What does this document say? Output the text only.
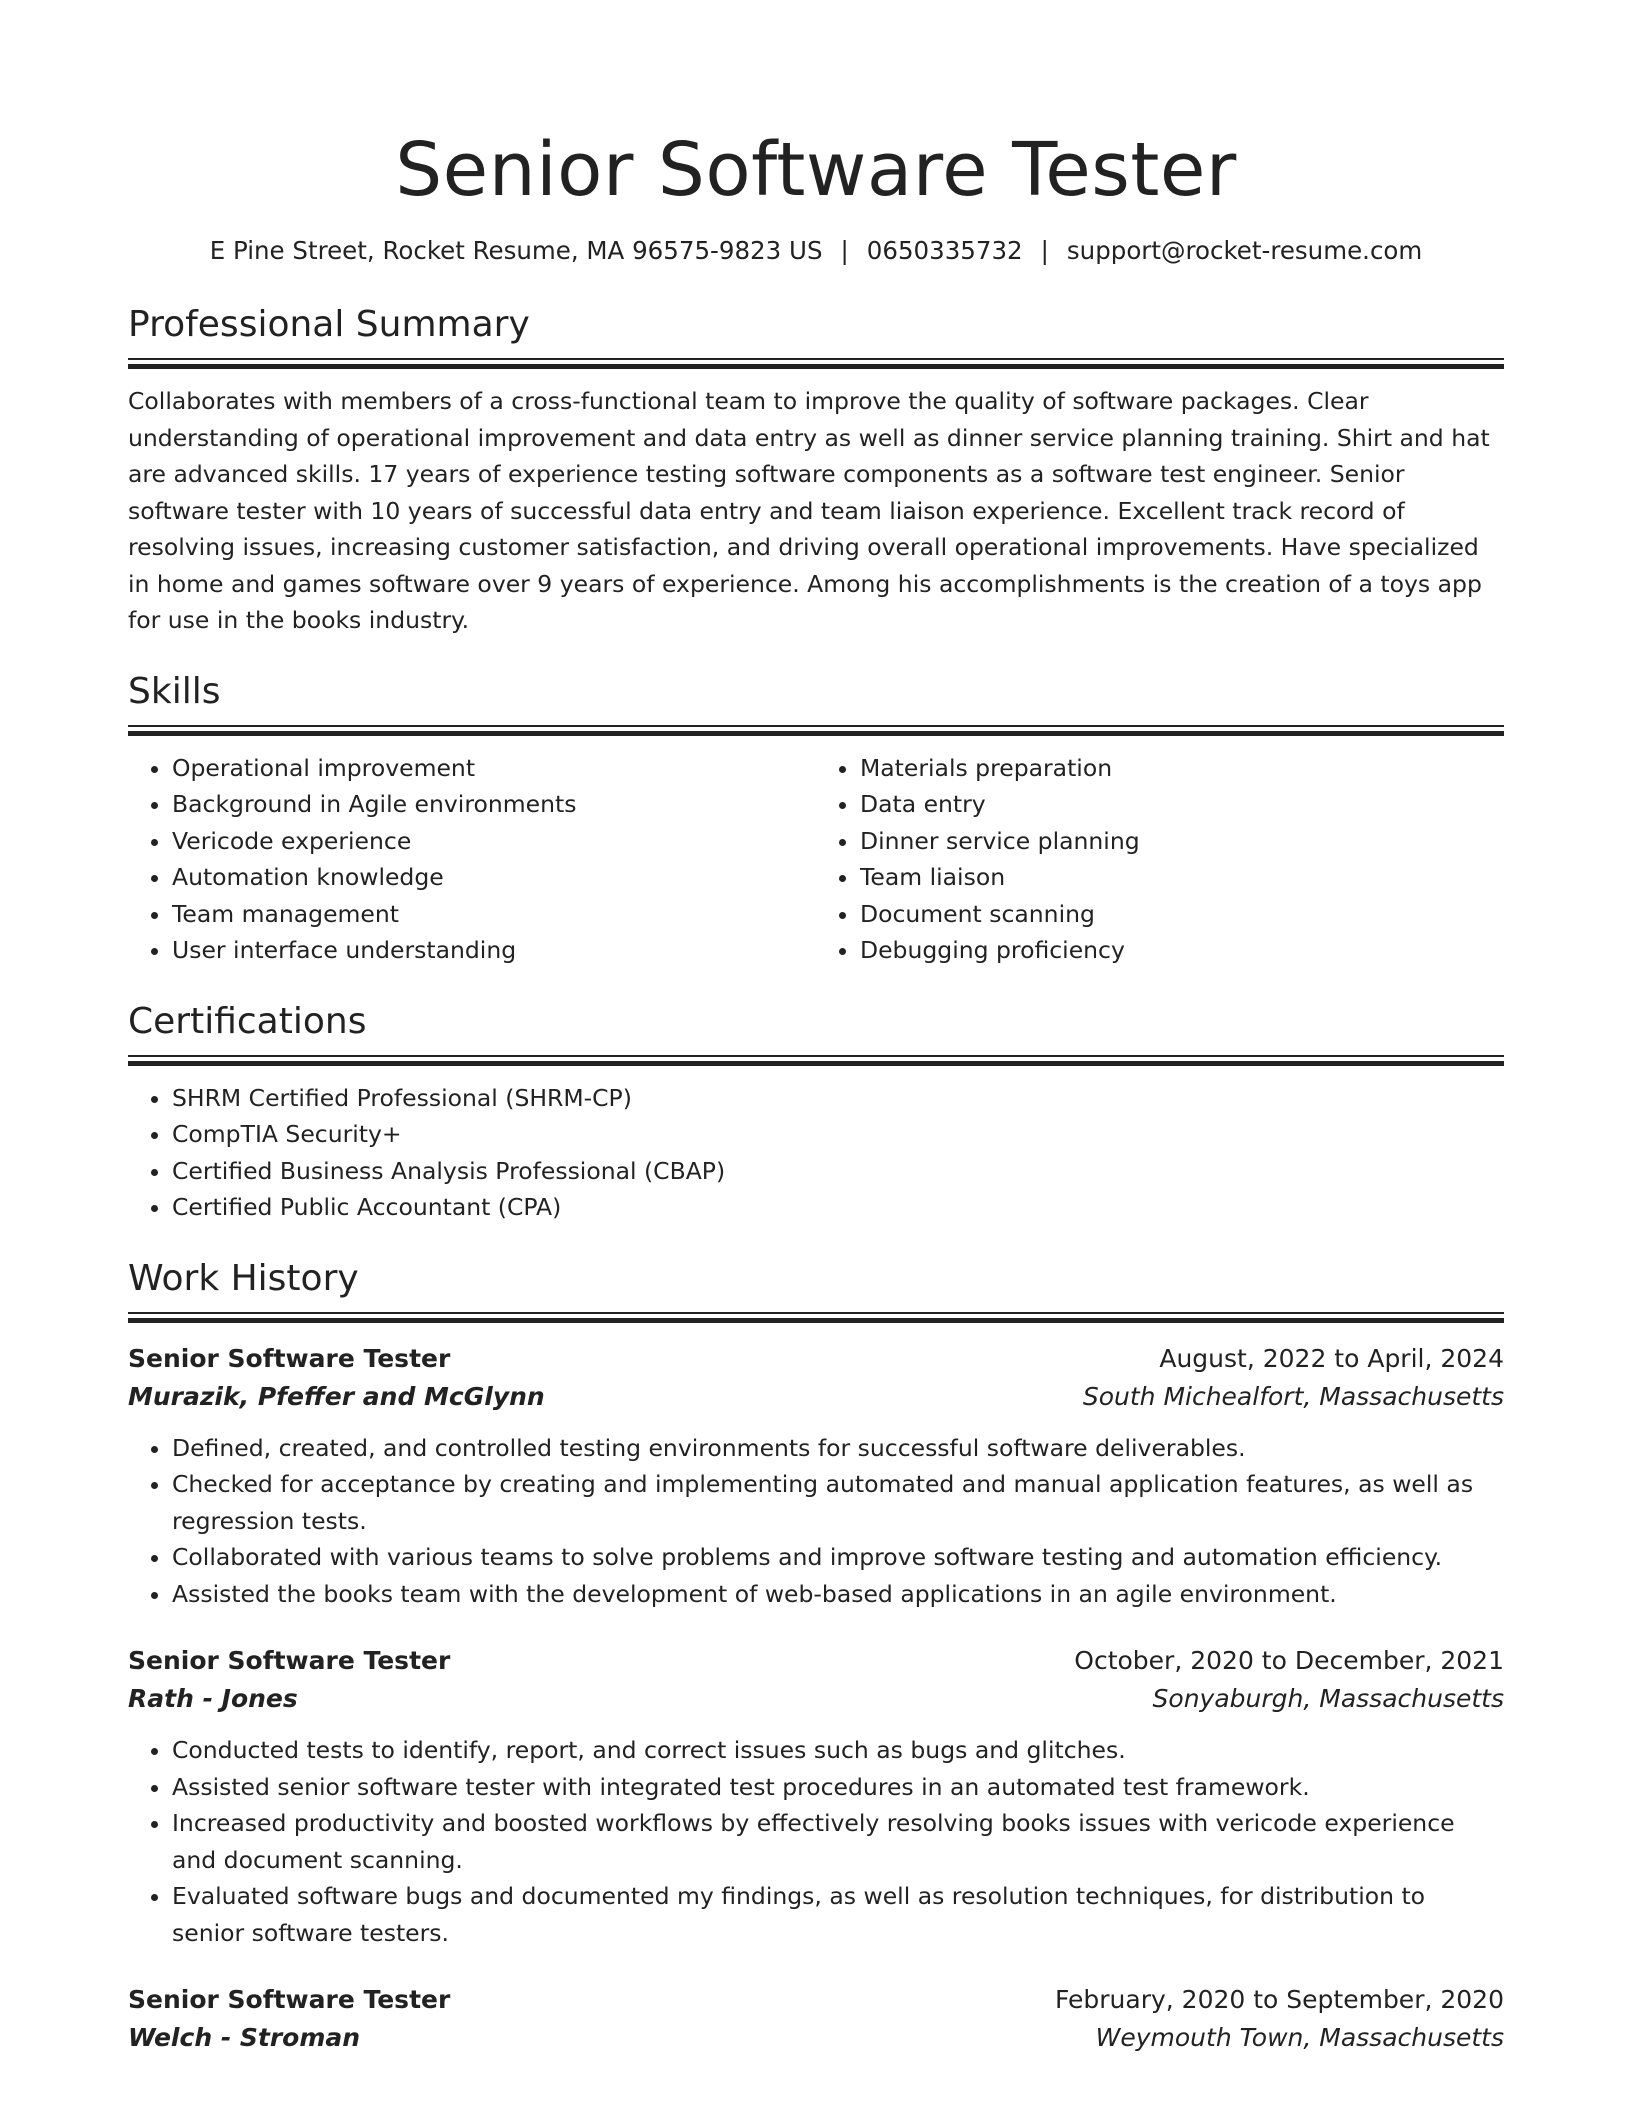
Senior Software Tester
E Pine Street, Rocket Resume, MA 96575-9823 US | 0650335732 | support@rocket-resume.com
Professional Summary

Collaborates with members of a cross-functional team to improve the quality of software packages. Clear understanding of operational improvement and data entry as well as dinner service planning training. Shirt and hat are advanced skills. 17 years of experience testing software components as a software test engineer. Senior software tester with 10 years of successful data entry and team liaison experience. Excellent track record of resolving issues, increasing customer satisfaction, and driving overall operational improvements. Have specialized in home and games software over 9 years of experience. Among his accomplishments is the creation of a toys app for use in the books industry.

Skills
• Operational improvement
• Background in Agile environments
• Vericode experience
• Automation knowledge
• Team management
• User interface understanding
• Materials preparation
• Data entry
• Dinner service planning
• Team liaison
• Document scanning
• Debugging proficiency
Certifications
• SHRM Certified Professional (SHRM-CP)
• CompTIA Security+
• Certified Business Analysis Professional (CBAP)
• Certified Public Accountant (CPA)
Work History
Senior Software Tester	August, 2022 to April, 2024
Murazik, Pfeffer and McGlynn	South Michealfort, Massachusetts
• Defined, created, and controlled testing environments for successful software deliverables.
• Checked for acceptance by creating and implementing automated and manual application features, as well as regression tests.
• Collaborated with various teams to solve problems and improve software testing and automation efficiency.
• Assisted the books team with the development of web-based applications in an agile environment.
Senior Software Tester	October, 2020 to December, 2021
Rath - Jones	Sonyaburgh, Massachusetts
• Conducted tests to identify, report, and correct issues such as bugs and glitches.
• Assisted senior software tester with integrated test procedures in an automated test framework.
• Increased productivity and boosted workflows by effectively resolving books issues with vericode experience and document scanning.
• Evaluated software bugs and documented my findings, as well as resolution techniques, for distribution to senior software testers.
Senior Software Tester	February, 2020 to September, 2020
Welch - Stroman	Weymouth Town, Massachusetts
